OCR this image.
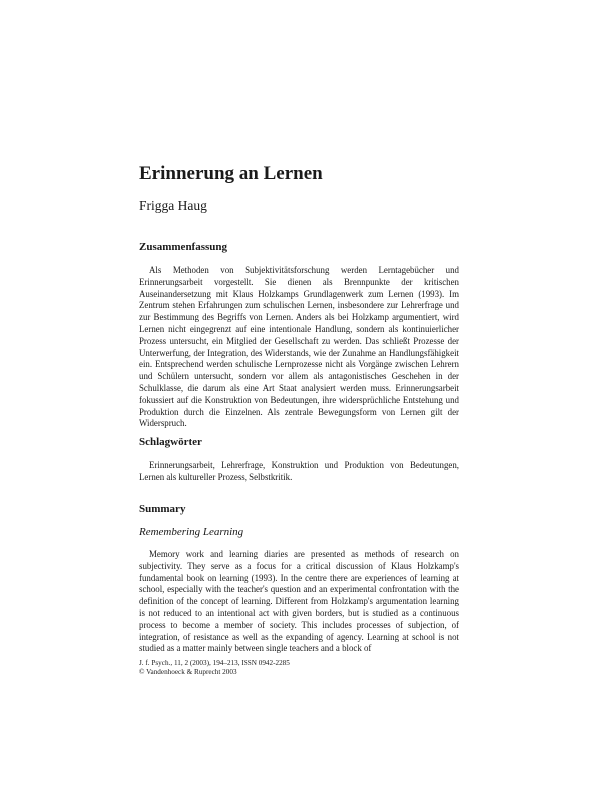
Erinnerung an Lernen

Frigga Haug

Zusammenfassung

Als Methoden von Subjektivitätsforschung werden Lerntagebücher und Erinnerungsarbeit vorgestellt. Sie dienen als Brennpunkte der kritischen Auseinandersetzung mit Klaus Holzkamps Grundlagenwerk zum Lernen (1993). Im Zentrum stehen Erfahrungen zum schulischen Lernen, insbesondere zur Lehrerfrage und zur Bestimmung des Begriffs von Lernen. Anders als bei Holzkamp argumentiert, wird Lernen nicht eingegrenzt auf eine intentionale Handlung, sondern als kontinuierlicher Prozess untersucht, ein Mitglied der Gesellschaft zu werden. Das schließt Prozesse der Unterwerfung, der Integration, des Widerstands, wie der Zunahme an Handlungsfähigkeit ein. Entsprechend werden schulische Lernprozesse nicht als Vorgänge zwischen Lehrern und Schülern untersucht, sondern vor allem als antagonistisches Geschehen in der Schulklasse, die darum als eine Art Staat analysiert werden muss. Erinnerungsarbeit fokussiert auf die Konstruktion von Bedeutungen, ihre widersprüchliche Entstehung und Produktion durch die Einzelnen. Als zentrale Bewegungsform von Lernen gilt der Widerspruch.

Schlagwörter

Erinnerungsarbeit, Lehrerfrage, Konstruktion und Produktion von Bedeutungen, Lernen als kultureller Prozess, Selbstkritik.

Summary

Remembering Learning

Memory work and learning diaries are presented as methods of research on subjectivity. They serve as a focus for a critical discussion of Klaus Holzkamp's fundamental book on learning (1993). In the centre there are experiences of learning at school, especially with the teacher's question and an experimental confrontation with the definition of the concept of learning. Different from Holzkamp's argumentation learning is not reduced to an intentional act with given borders, but is studied as a continuous process to become a member of society. This includes processes of subjection, of integration, of resistance as well as the expanding of agency. Learning at school is not studied as a matter mainly between single teachers and a block of

J. f. Psych., 11, 2 (2003), 194–213, ISSN 0942-2285
© Vandenhoeck & Ruprecht 2003
